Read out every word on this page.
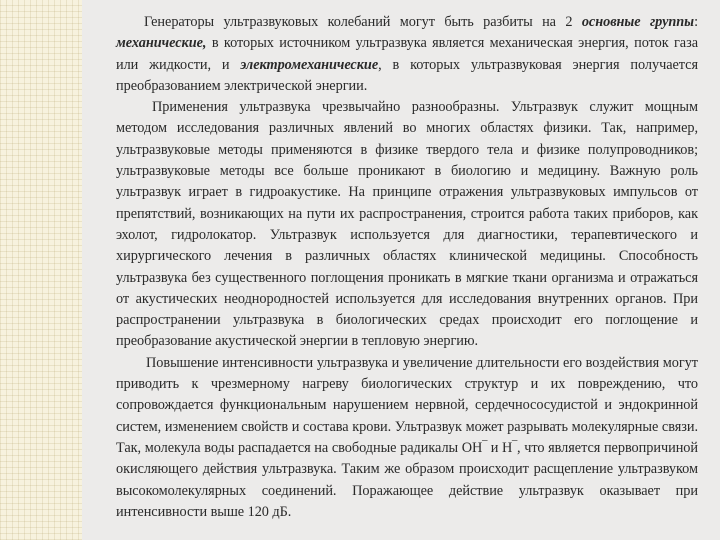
Генераторы ультразвуковых колебаний могут быть разбиты на 2 основные группы: механические, в которых источником ультразвука является механическая энергия, поток газа или жидкости, и электромеханические, в которых ультразвуковая энергия получается преобразованием электрической энергии.

Применения ультразвука чрезвычайно разнообразны. Ультразвук служит мощным методом исследования различных явлений во многих областях физики. Так, например, ультразвуковые методы применяются в физике твердого тела и физике полупроводников; ультразвуковые методы все больше проникают в биологию и медицину. Важную роль ультразвук играет в гидроакустике. На принципе отражения ультразвуковых импульсов от препятствий, возникающих на пути их распространения, строится работа таких приборов, как эхолот, гидролокатор. Ультразвук используется для диагностики, терапевтического и хирургического лечения в различных областях клинической медицины. Способность ультразвука без существенного поглощения проникать в мягкие ткани организма и отражаться от акустических неоднородностей используется для исследования внутренних органов. При распространении ультразвука в биологических средах происходит его поглощение и преобразование акустической энергии в тепловую энергию.

Повышение интенсивности ультразвука и увеличение длительности его воздействия могут приводить к чрезмерному нагреву биологических структур и их повреждению, что сопровождается функциональным нарушением нервной, сердечнососудистой и эндокринной систем, изменением свойств и состава крови. Ультразвук может разрывать молекулярные связи. Так, молекула воды распадается на свободные радикалы ОН‾ и Н‾, что является первопричиной окисляющего действия ультразвука. Таким же образом происходит расщепление ультразвуком высокомолекулярных соединений. Поражающее действие ультразвук оказывает при интенсивности выше 120 дБ.
